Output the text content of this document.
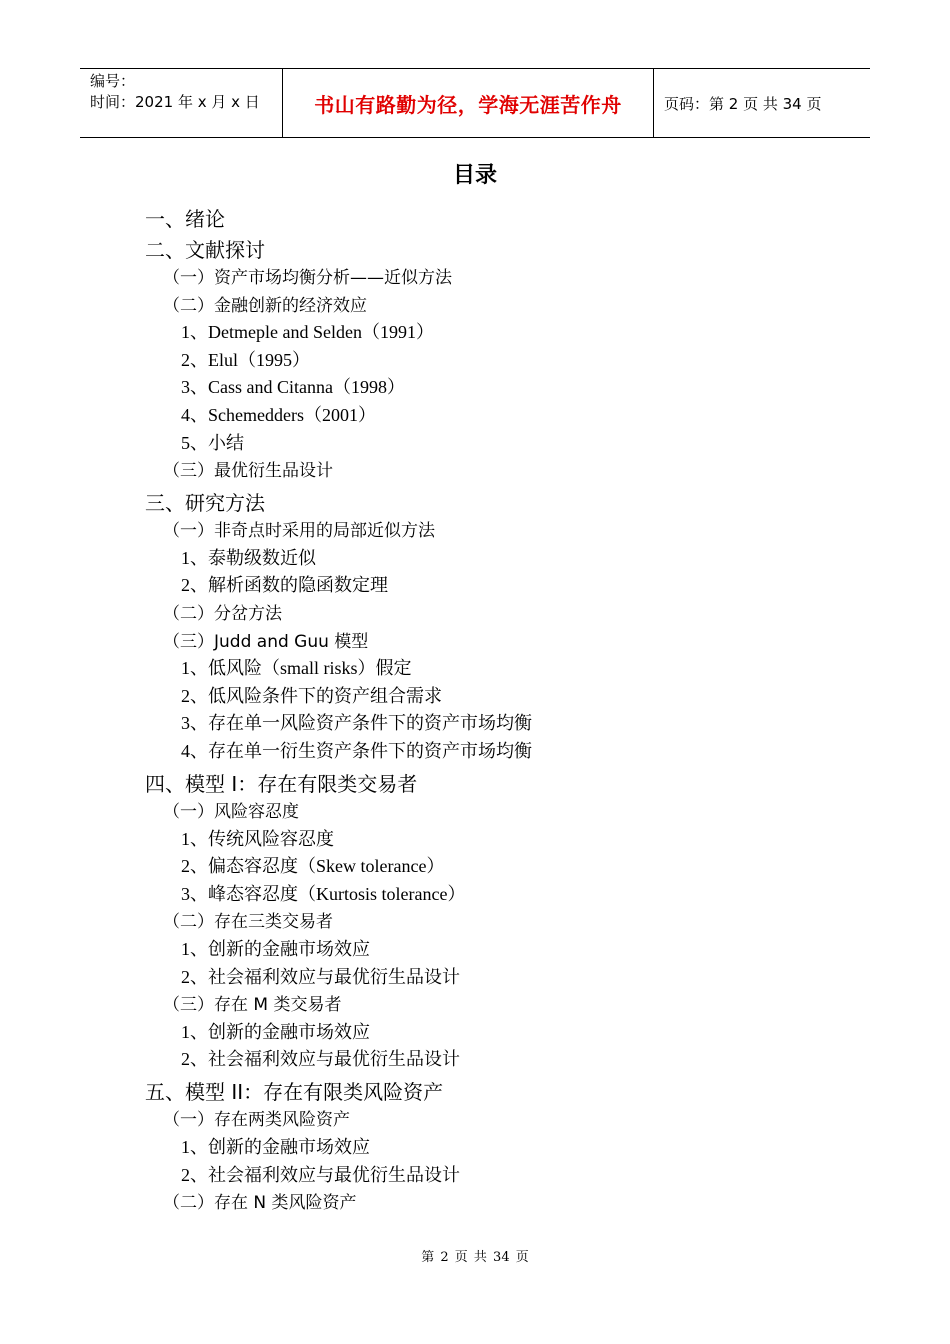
编号：
时间：2021 年 x 月 x 日	书山有路勤为径，学海无涯苦作舟	页码：第 2 页 共 34 页
目录
一、绪论
二、文献探讨
（一）资产市场均衡分析——近似方法
（二）金融创新的经济效应
1、Detmeple and Selden（1991）
2、Elul（1995）
3、Cass and Citanna（1998）
4、Schemedders（2001）
5、小结
（三）最优衍生品设计
三、研究方法
（一）非奇点时采用的局部近似方法
1、泰勒级数近似
2、解析函数的隐函数定理
（二）分岔方法
（三）Judd and Guu 模型
1、低风险（small risks）假定
2、低风险条件下的资产组合需求
3、存在单一风险资产条件下的资产市场均衡
4、存在单一衍生资产条件下的资产市场均衡
四、模型 I：存在有限类交易者
（一）风险容忍度
1、传统风险容忍度
2、偏态容忍度（Skew tolerance）
3、峰态容忍度（Kurtosis tolerance）
（二）存在三类交易者
1、创新的金融市场效应
2、社会福利效应与最优衍生品设计
（三）存在 M 类交易者
1、创新的金融市场效应
2、社会福利效应与最优衍生品设计
五、模型 II：存在有限类风险资产
（一）存在两类风险资产
1、创新的金融市场效应
2、社会福利效应与最优衍生品设计
（二）存在 N 类风险资产
第 2 页 共 34 页
